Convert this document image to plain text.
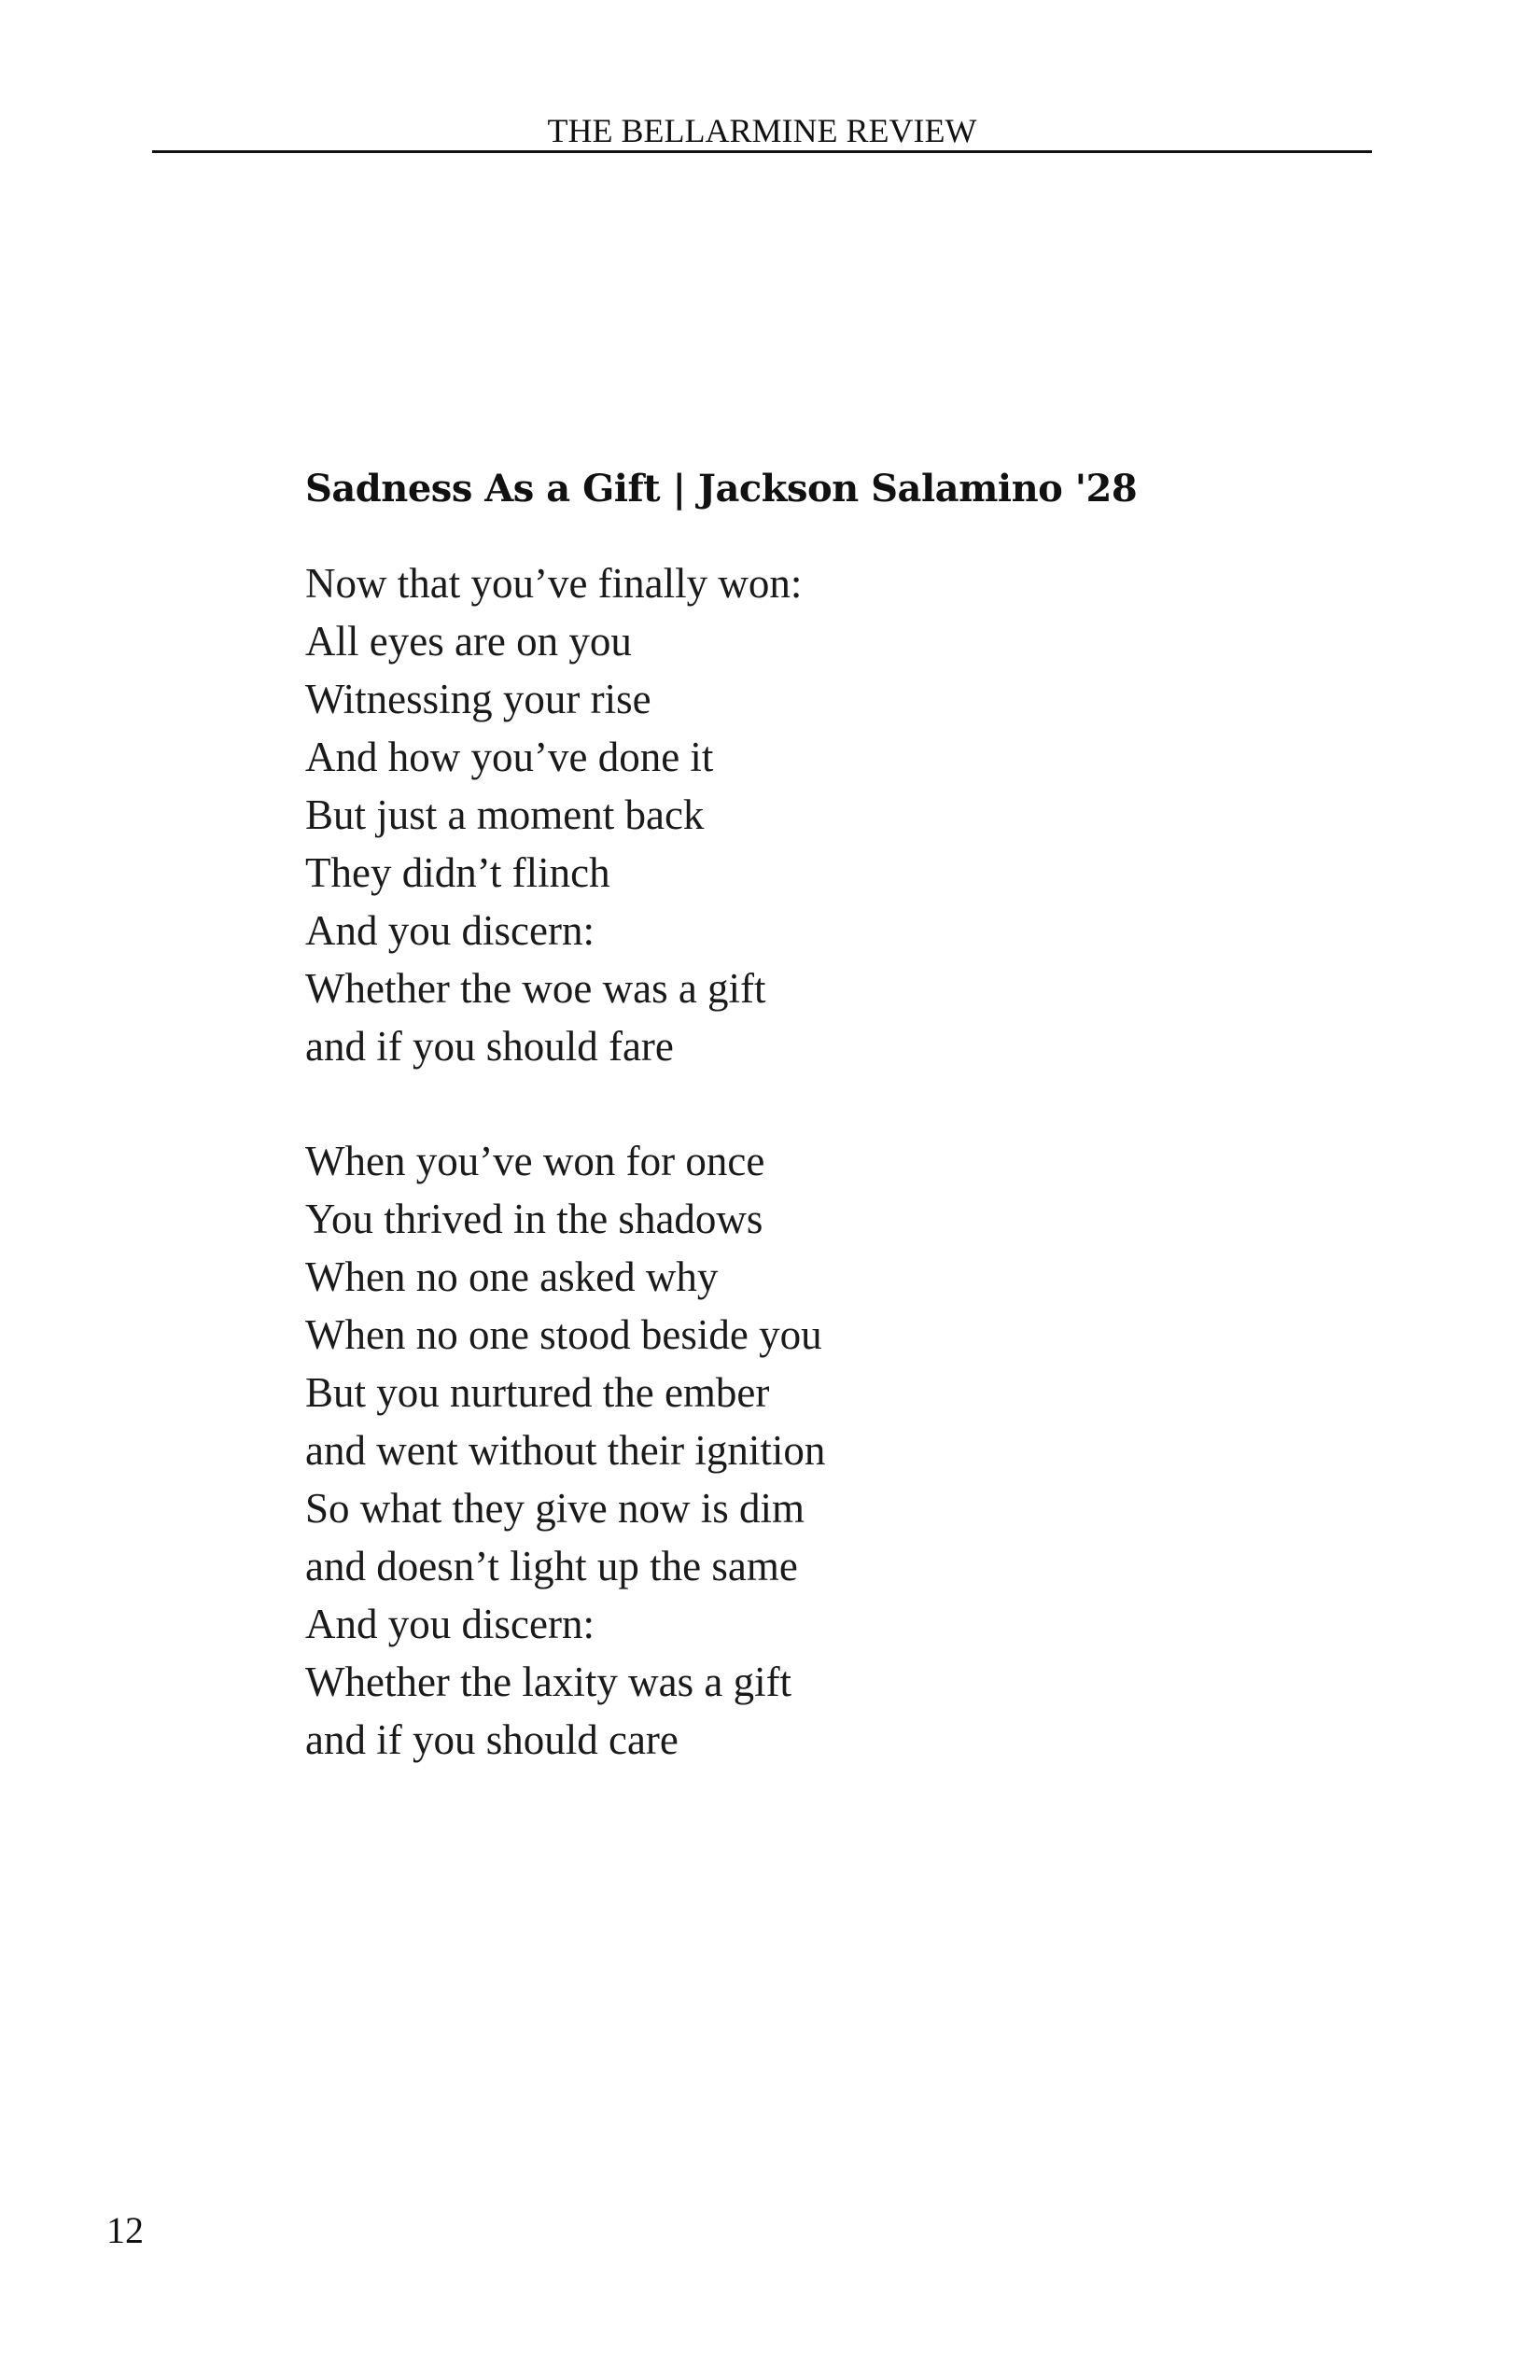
THE BELLARMINE REVIEW
Sadness As a Gift | Jackson Salamino '28
Now that you’ve finally won:
All eyes are on you
Witnessing your rise
And how you’ve done it
But just a moment back
They didn’t flinch
And you discern:
Whether the woe was a gift
and if you should fare
When you’ve won for once
You thrived in the shadows
When no one asked why
When no one stood beside you
But you nurtured the ember
and went without their ignition
So what they give now is dim
and doesn’t light up the same
And you discern:
Whether the laxity was a gift
and if you should care
12
